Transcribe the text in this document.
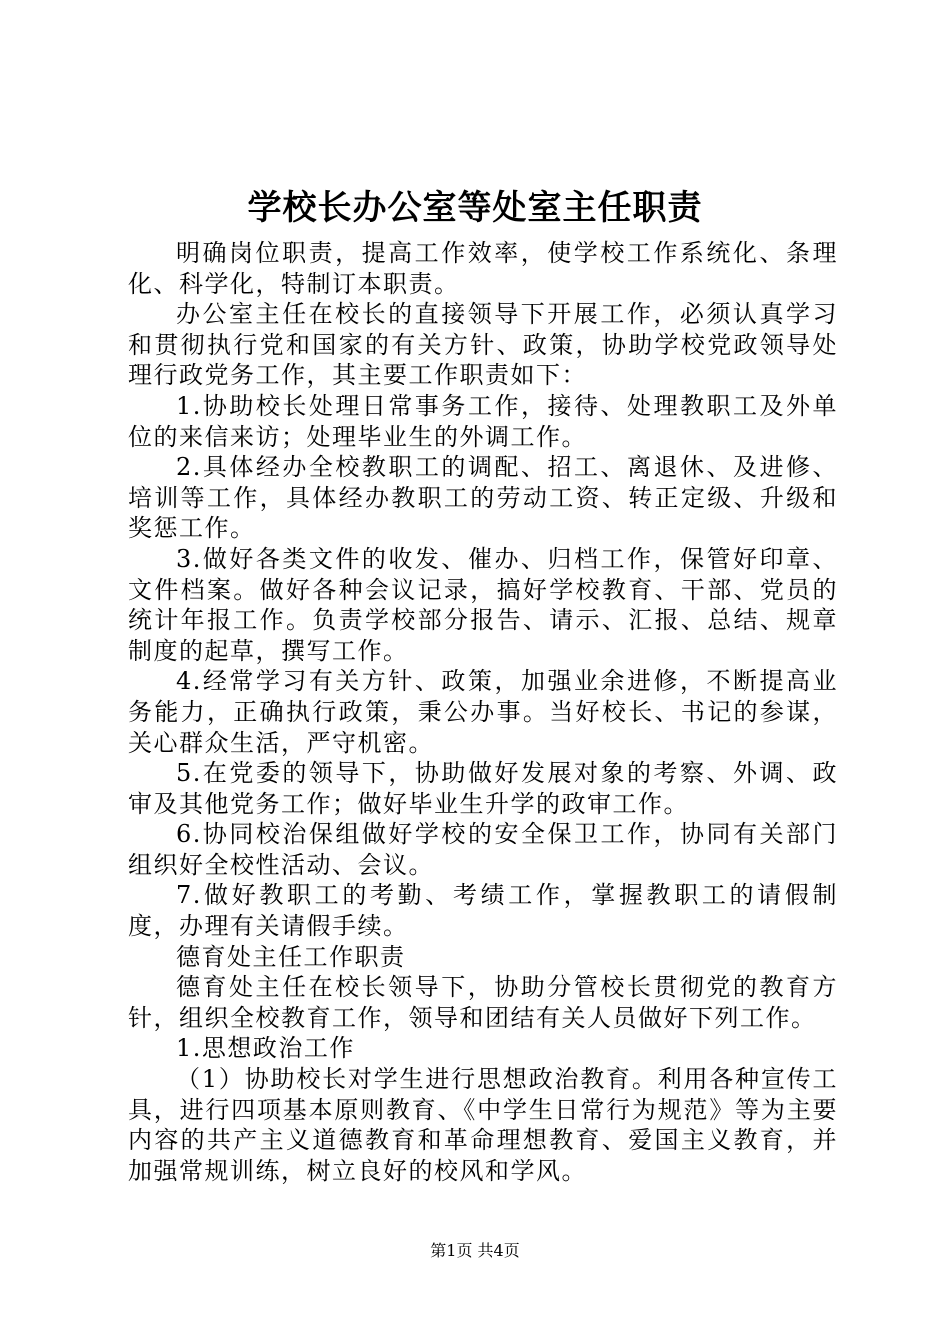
学校长办公室等处室主任职责

明确岗位职责，提高工作效率，使学校工作系统化、条理化、科学化，特制订本职责。

办公室主任在校长的直接领导下开展工作，必须认真学习和贯彻执行党和国家的有关方针、政策，协助学校党政领导处理行政党务工作，其主要工作职责如下：

1.协助校长处理日常事务工作，接待、处理教职工及外单位的来信来访；处理毕业生的外调工作。

2.具体经办全校教职工的调配、招工、离退休、及进修、培训等工作，具体经办教职工的劳动工资、转正定级、升级和奖惩工作。

3.做好各类文件的收发、催办、归档工作，保管好印章、文件档案。做好各种会议记录，搞好学校教育、干部、党员的统计年报工作。负责学校部分报告、请示、汇报、总结、规章制度的起草，撰写工作。

4.经常学习有关方针、政策，加强业余进修，不断提高业务能力，正确执行政策，秉公办事。当好校长、书记的参谋，关心群众生活，严守机密。

5.在党委的领导下，协助做好发展对象的考察、外调、政审及其他党务工作；做好毕业生升学的政审工作。

6.协同校治保组做好学校的安全保卫工作，协同有关部门组织好全校性活动、会议。

7.做好教职工的考勤、考绩工作，掌握教职工的请假制度，办理有关请假手续。

德育处主任工作职责

德育处主任在校长领导下，协助分管校长贯彻党的教育方针，组织全校教育工作，领导和团结有关人员做好下列工作。

1.思想政治工作

（1）协助校长对学生进行思想政治教育。利用各种宣传工具，进行四项基本原则教育、《中学生日常行为规范》等为主要内容的共产主义道德教育和革命理想教育、爱国主义教育，并加强常规训练，树立良好的校风和学风。

第1页 共4页
